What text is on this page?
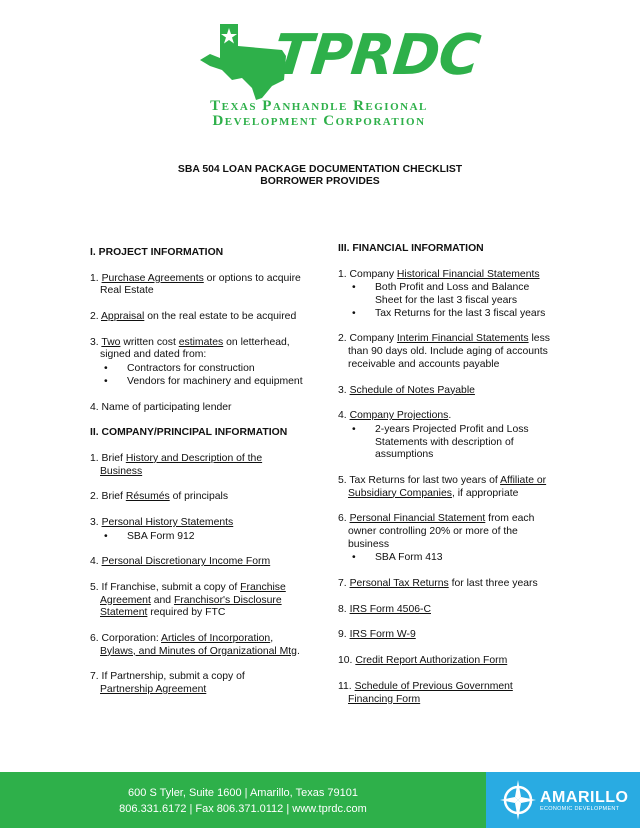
TPRDC
Texas Panhandle Regional
Development Corporation
SBA 504 LOAN PACKAGE DOCUMENTATION CHECKLIST
BORROWER PROVIDES
I. PROJECT INFORMATION
1. Purchase Agreements or options to acquire
Real Estate
2. Appraisal on the real estate to be acquired
3. Two written cost estimates on letterhead,
signed and dated from:
• Contractors for construction
• Vendors for machinery and equipment
4. Name of participating lender
II. COMPANY/PRINCIPAL INFORMATION
1. Brief History and Description of the
Business
2. Brief Résumés of principals
3. Personal History Statements
• SBA Form 912
4. Personal Discretionary Income Form
5. If Franchise, submit a copy of Franchise
Agreement and Franchisor's Disclosure
Statement required by FTC
6. Corporation: Articles of Incorporation,
Bylaws, and Minutes of Organizational Mtg.
7. If Partnership, submit a copy of
Partnership Agreement
III. FINANCIAL INFORMATION
1. Company Historical Financial Statements
• Both Profit and Loss and Balance Sheet for the last 3 fiscal years
• Tax Returns for the last 3 fiscal years
2. Company Interim Financial Statements less
than 90 days old. Include aging of accounts
receivable and accounts payable
3. Schedule of Notes Payable
4. Company Projections.
• 2-years Projected Profit and Loss Statements with description of assumptions
5. Tax Returns for last two years of Affiliate or
Subsidiary Companies, if appropriate
6. Personal Financial Statement from each
owner controlling 20% or more of the
business
• SBA Form 413
7. Personal Tax Returns for last three years
8. IRS Form 4506-C
9. IRS Form W-9
10. Credit Report Authorization Form
11. Schedule of Previous Government
Financing Form
600 S Tyler, Suite 1600 | Amarillo, Texas 79101
806.331.6172 | Fax 806.371.0112 | www.tprdc.com
AMARILLO
ECONOMIC DEVELOPMENT
